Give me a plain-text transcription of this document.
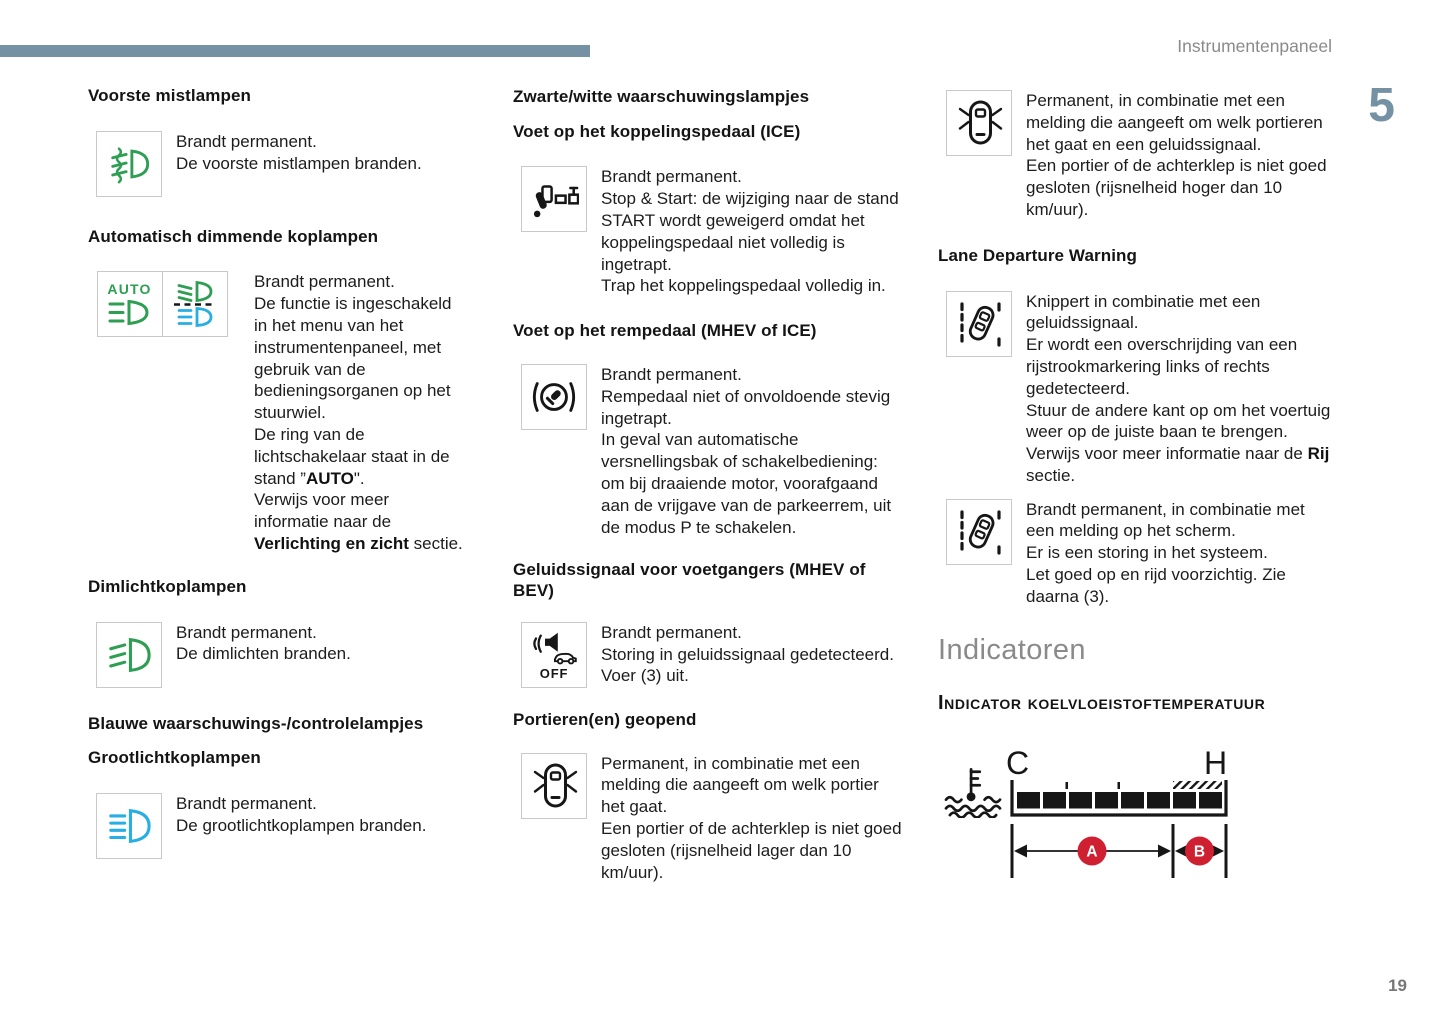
Instrumentenpaneel
5
19
Voorste mistlampen

Brandt permanent.

De voorste mistlampen branden.

Automatisch dimmende koplampen
AUTO	Brandt permanent.

De functie is ingeschakeld in het menu van het instrumentenpaneel, met gebruik van de bedieningsorganen op het stuurwiel.

De ring van de lichtschakelaar staat in de stand ”AUTO".

Verwijs voor meer informatie naar de Verlichting en zicht sectie.

Dimlichtkoplampen

Brandt permanent.

De dimlichten branden.

Blauwe waarschuwings-/controlelampjes
Grootlichtkoplampen

Brandt permanent.

De grootlichtkoplampen branden.

Zwarte/witte waarschuwingslampjes
Voet op het koppelingspedaal (ICE)

Brandt permanent.

Stop & Start: de wijziging naar de stand START wordt geweigerd omdat het koppelingspedaal niet volledig is ingetrapt.

Trap het koppelingspedaal volledig in.

Voet op het rempedaal (MHEV of ICE)

Brandt permanent.

Rempedaal niet of onvoldoende stevig ingetrapt.

In geval van automatische versnellingsbak of schakelbediening: om bij draaiende motor, voorafgaand aan de vrijgave van de parkeerrem, uit de modus P te schakelen.

Geluidssignaal voor voetgangers (MHEV of BEV)
OFF

Brandt permanent.

Storing in geluidssignaal gedetecteerd.

Voer (3) uit.

Portieren(en) geopend

Permanent, in combinatie met een melding die aangeeft om welk portier het gaat.

Een portier of de achterklep is niet goed gesloten (rijsnelheid lager dan 10 km/uur).

Permanent, in combinatie met een melding die aangeeft om welk portieren het gaat en een geluidssignaal.

Een portier of de achterklep is niet goed gesloten (rijsnelheid hoger dan 10 km/uur).

Lane Departure Warning

Knippert in combinatie met een geluidssignaal.

Er wordt een overschrijding van een rijstrookmarkering links of rechts gedetecteerd.

Stuur de andere kant op om het voertuig weer op de juiste baan te brengen.

Verwijs voor meer informatie naar de Rij sectie.

Brandt permanent, in combinatie met een melding op het scherm.

Er is een storing in het systeem.

Let goed op en rijd voorzichtig. Zie daarna (3).

Indicatoren
Indicator koelvloeistoftemperatuur
C	H
A	B
